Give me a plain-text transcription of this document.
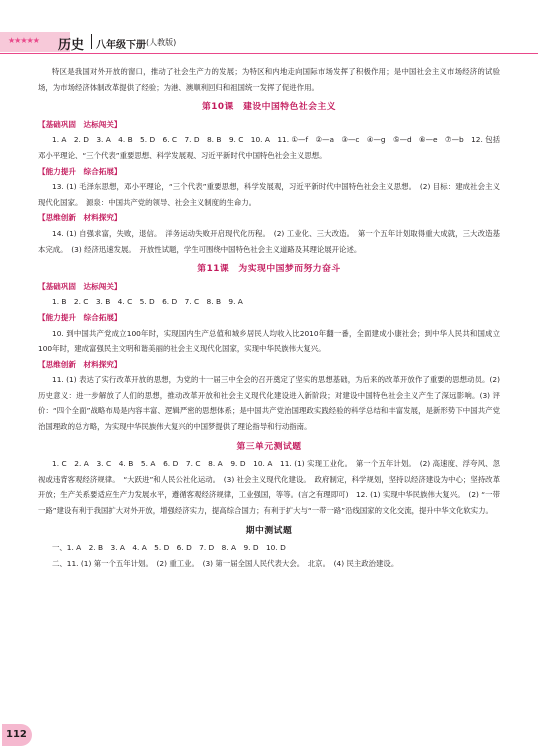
★★★★★ 历史 八年级下册 (人教版)

特区是我国对外开放的窗口，推动了社会生产力的发展；为特区和内地走向国际市场发挥了积极作用；是中国社会主义市场经济的试验场，为市场经济体制改革提供了经验；为港、澳顺利回归和祖国统一发挥了促进作用。

第10课　建设中国特色社会主义
【基础巩固　达标闯关】

1. A　2. D　3. A　4. B　5. D　6. C　7. D　8. B　9. C　10. A　11. ①—f　②—a　③—c　④—g　⑤—d　⑥—e　⑦—b　12. 包括邓小平理论、“三个代表”重要思想、科学发展观、习近平新时代中国特色社会主义思想。

【能力提升　综合拓展】

13. (1) 毛泽东思想，邓小平理论，“三个代表”重要思想，科学发展观，习近平新时代中国特色社会主义思想。　(2) 目标：建成社会主义现代化国家。　源泉：中国共产党的领导、社会主义制度的生命力。

【思维创新　材料探究】

14. (1) 自强求富，失败，退信。　洋务运动失败开启现代化历程。　(2) 工业化、三大改造。　第一个五年计划取得重大成就，三大改造基本完成。　(3) 经济迅速发展。　开放性试题，学生可围绕中国特色社会主义道路及其理论展开论述。

第11课　为实现中国梦而努力奋斗
【基础巩固　达标闯关】

1. B　2. C　3. B　4. C　5. D　6. D　7. C　8. B　9. A

【能力提升　综合拓展】

10. 到中国共产党成立100年时，实现国内生产总值和城乡居民人均收入比2010年翻一番，全面建成小康社会；到中华人民共和国成立100年时，建成富强民主文明和谐美丽的社会主义现代化国家，实现中华民族伟大复兴。

【思维创新　材料探究】

11. (1) 表达了实行改革开放的思想，为党的十一届三中全会的召开奠定了坚实的思想基础，为后来的改革开放作了重要的思想动员。(2) 历史意义：进一步解放了人们的思想，推动改革开放和社会主义现代化建设进入新阶段；对建设中国特色社会主义产生了深远影响。(3) 评价：“四个全面”战略布局是内容丰富、逻辑严密的思想体系；是中国共产党治国理政实践经验的科学总结和丰富发展，是新形势下中国共产党治国理政的总方略，为实现中华民族伟大复兴的中国梦提供了理论指导和行动指南。

第三单元测试题

1. C　2. A　3. C　4. B　5. A　6. D　7. C　8. A　9. D　10. A　11. (1) 实现工业化。　第一个五年计划。　(2) 高速度、浮夸风、忽视或违背客观经济规律。　“大跃进”和人民公社化运动。　(3) 社会主义现代化建设。　政府制定，科学规划，坚持以经济建设为中心；坚持改革开放；生产关系要适应生产力发展水平，遵循客观经济规律，工业强国，等等。(言之有理即可)　12. (1) 实现中华民族伟大复兴。　(2) “一带一路”建设有利于我国扩大对外开放，增强经济实力，提高综合国力；有利于扩大与“一带一路”沿线国家的文化交流，提升中华文化软实力。

期中测试题

一、1. A　2. B　3. A　4. A　5. D　6. D　7. D　8. A　9. D　10. D

二、11. (1) 第一个五年计划。　(2) 重工业。　(3) 第一届全国人民代表大会。　北京。　(4) 民主政治建设。

112
